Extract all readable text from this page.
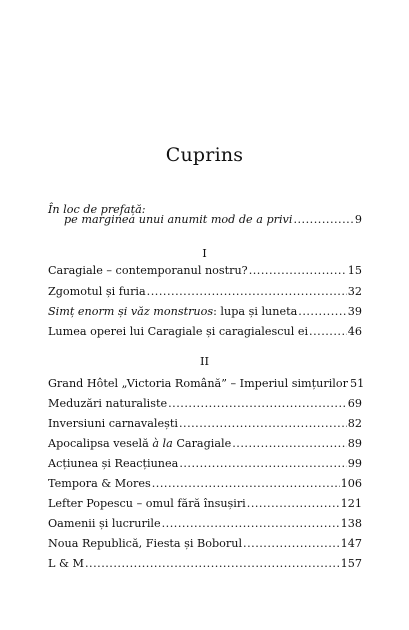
Cuprins
În loc de prefață:
pe marginea unui anumit mod de a privi .....	9
I
Caragiale – contemporanul nostru? .....	15
Zgomotul și furia .....	32
Simț enorm și văz monstruos: lupa și luneta .....	39
Lumea operei lui Caragiale și caragialescul ei .....	46
II
Grand Hôtel „Victoria Română” – Imperiul simțurilor 51
Meduzări naturaliste .....	69
Inversiuni carnavalești .....	82
Apocalipsa veselă à la Caragiale .....	89
Acțiunea și Reacțiunea .....	99
Tempora & Mores .....	106
Lefter Popescu – omul fără însușiri .....	121
Oamenii și lucrurile .....	138
Noua Republică, Fiesta și Boborul .....	147
L & M .....	157
